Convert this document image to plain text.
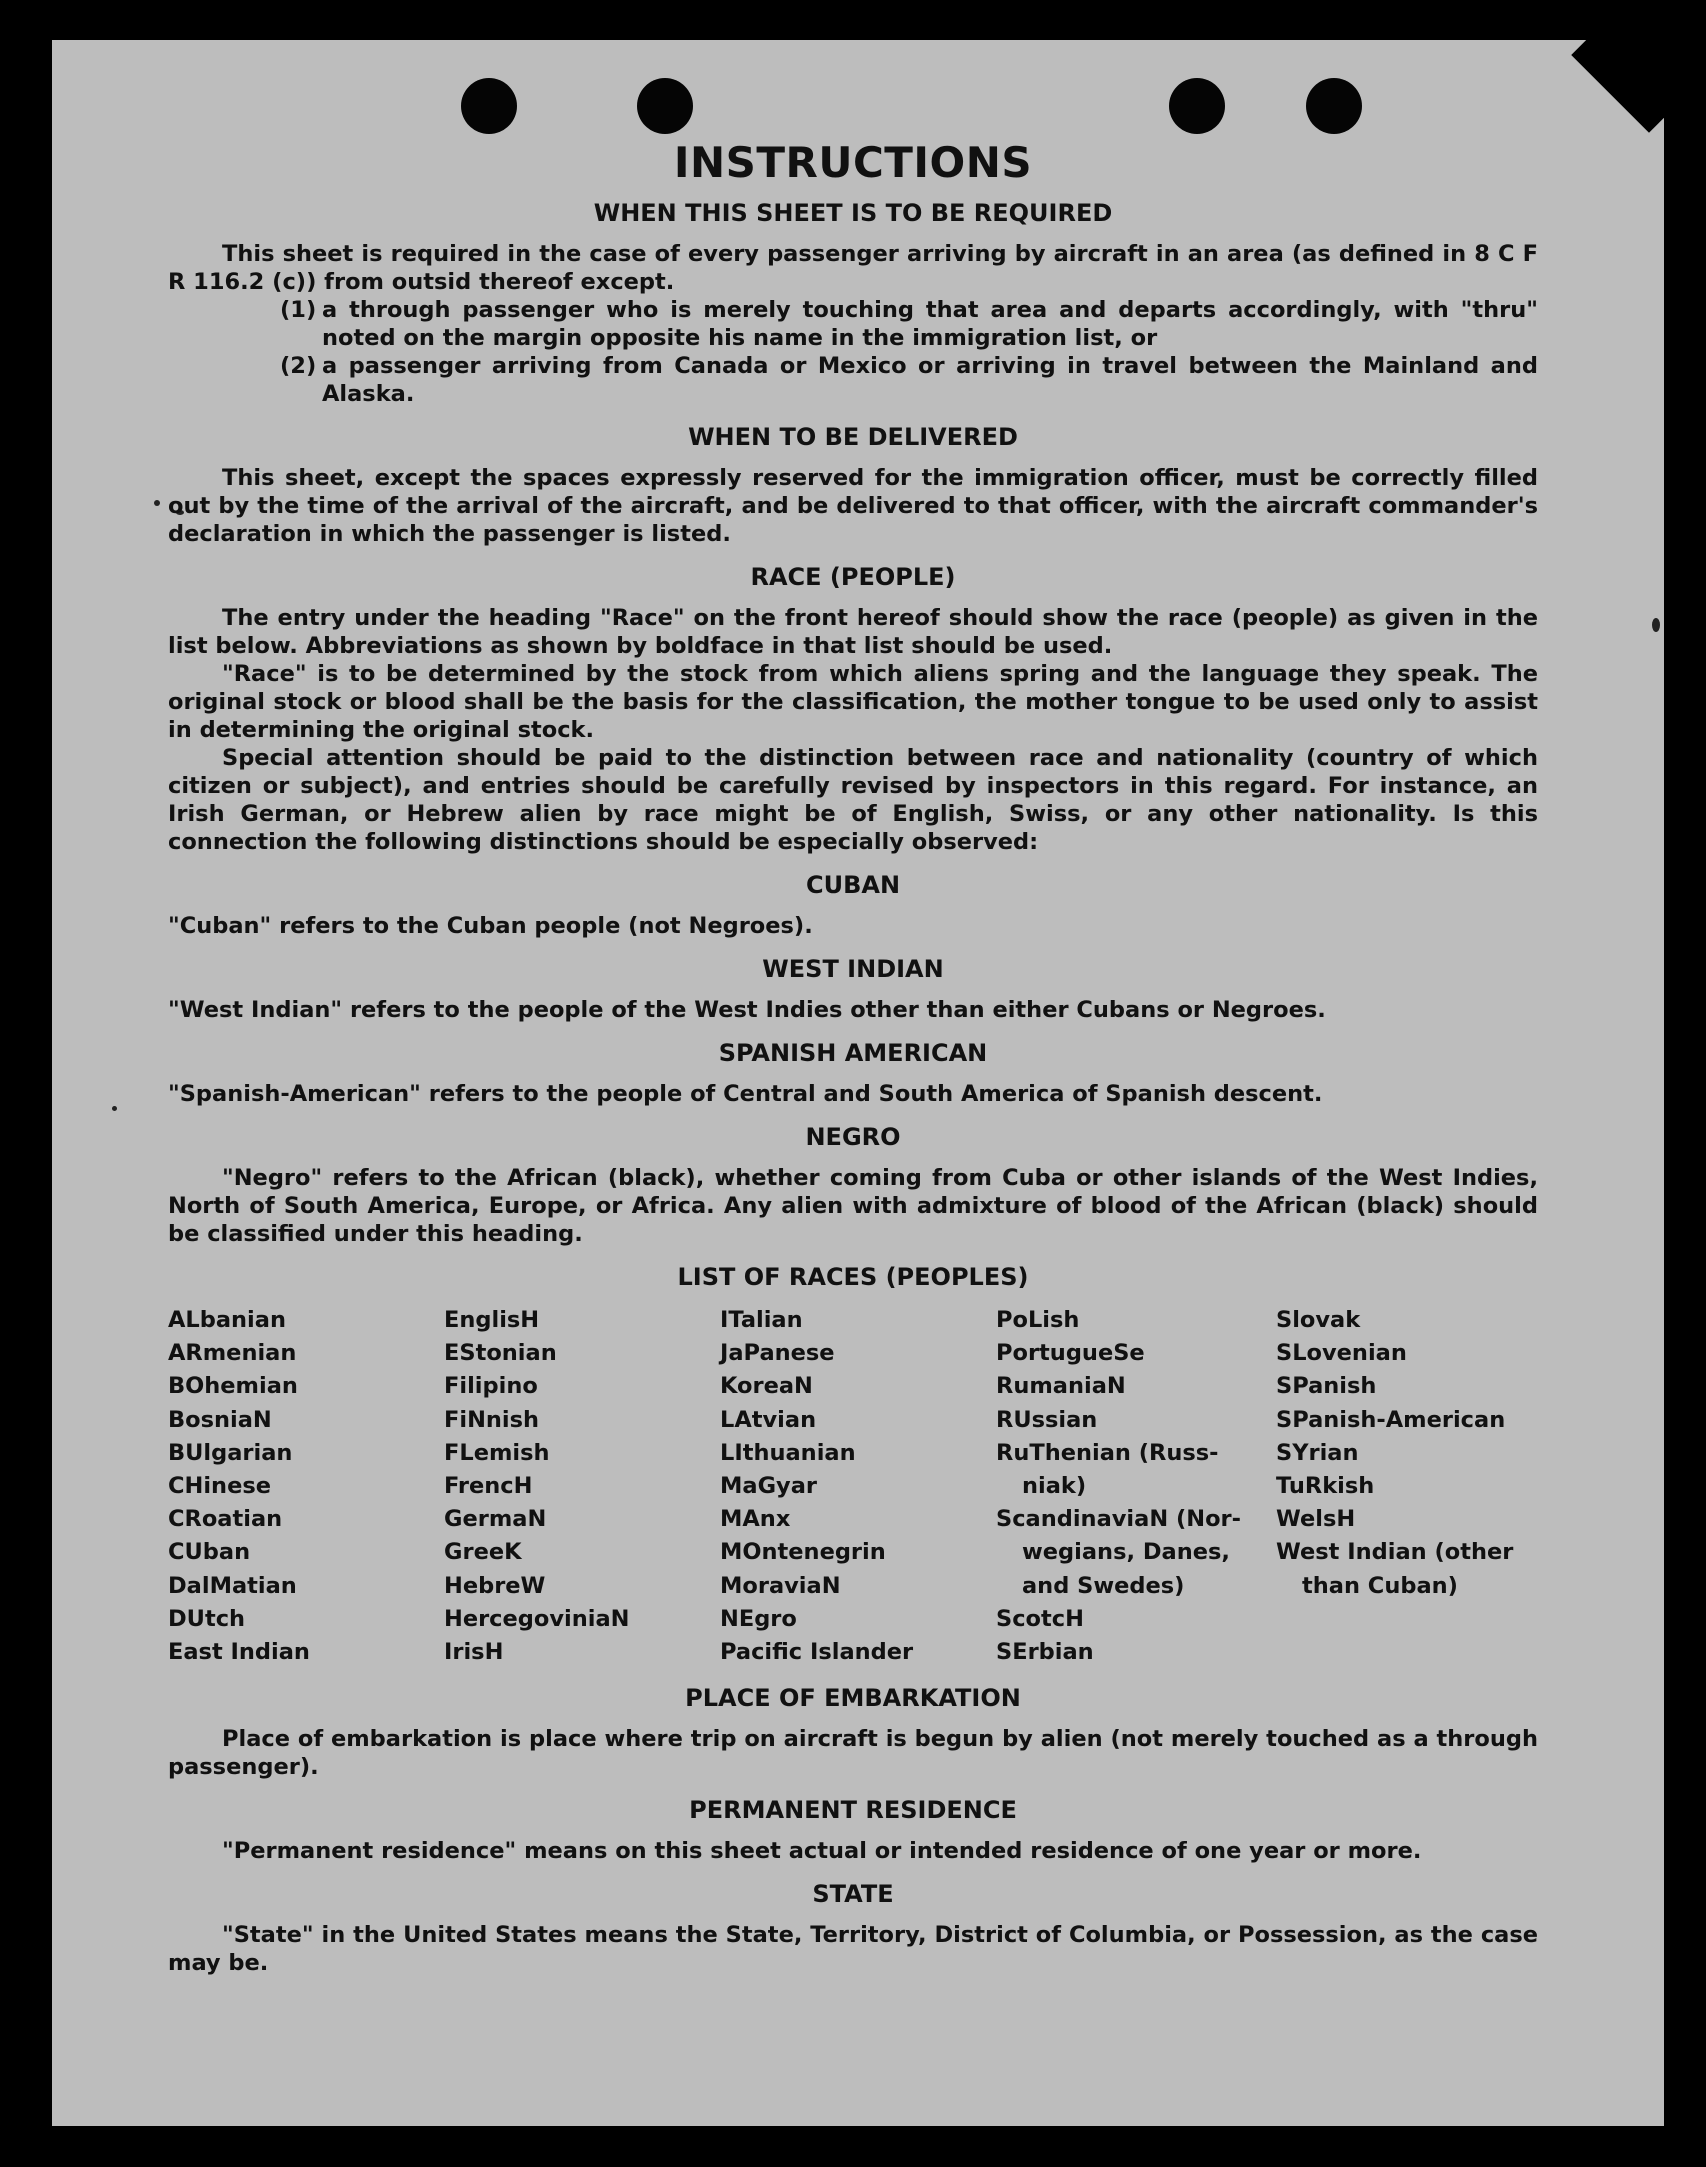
INSTRUCTIONS
WHEN THIS SHEET IS TO BE REQUIRED

This sheet is required in the case of every passenger arriving by aircraft in an area (as defined in 8 C F R 116.2 (c)) from outsid thereof except.

(1) a through passenger who is merely touching that area and departs accordingly, with "thru" noted on the margin opposite his name in the immigration list, or
(2) a passenger arriving from Canada or Mexico or arriving in travel between the Mainland and Alaska.
WHEN TO BE DELIVERED

This sheet, except the spaces expressly reserved for the immigration officer, must be correctly filled out by the time of the arrival of the aircraft, and be delivered to that officer, with the aircraft commander's declaration in which the passenger is listed.

RACE (PEOPLE)

The entry under the heading "Race" on the front hereof should show the race (people) as given in the list below. Abbreviations as shown by boldface in that list should be used.

"Race" is to be determined by the stock from which aliens spring and the language they speak. The original stock or blood shall be the basis for the classification, the mother tongue to be used only to assist in determining the original stock.

Special attention should be paid to the distinction between race and nationality (country of which citizen or subject), and entries should be carefully revised by inspectors in this regard. For instance, an Irish German, or Hebrew alien by race might be of English, Swiss, or any other nationality. Is this connection the following distinctions should be especially observed:

CUBAN

"Cuban" refers to the Cuban people (not Negroes).

WEST INDIAN

"West Indian" refers to the people of the West Indies other than either Cubans or Negroes.

SPANISH AMERICAN

"Spanish-American" refers to the people of Central and South America of Spanish descent.

NEGRO

"Negro" refers to the African (black), whether coming from Cuba or other islands of the West Indies, North of South America, Europe, or Africa. Any alien with admixture of blood of the African (black) should be classified under this heading.

LIST OF RACES (PEOPLES)
ALbanian
ARmenian
BOhemian
BosniaN
BUlgarian
CHinese
CRoatian
CUban
DalMatian
DUtch
East Indian
EnglisH
EStonian
Filipino
FiNnish
FLemish
FrencH
GermaN
GreeK
HebreW
HercegoviniaN
IrisH
ITalian
JaPanese
KoreaN
LAtvian
LIthuanian
MaGyar
MAnx
MOntenegrin
MoraviaN
NEgro
Pacific Islander
PoLish
PortugueSe
RumaniaN
RUssian
RuThenian (Russ-
niak)
ScandinaviaN (Nor-
wegians, Danes,
and Swedes)
ScotcH
SErbian
Slovak
SLovenian
SPanish
SPanish-American
SYrian
TuRkish
WelsH
West Indian (other
than Cuban)
PLACE OF EMBARKATION

Place of embarkation is place where trip on aircraft is begun by alien (not merely touched as a through passenger).

PERMANENT RESIDENCE

"Permanent residence" means on this sheet actual or intended residence of one year or more.

STATE

"State" in the United States means the State, Territory, District of Columbia, or Possession, as the case may be.
